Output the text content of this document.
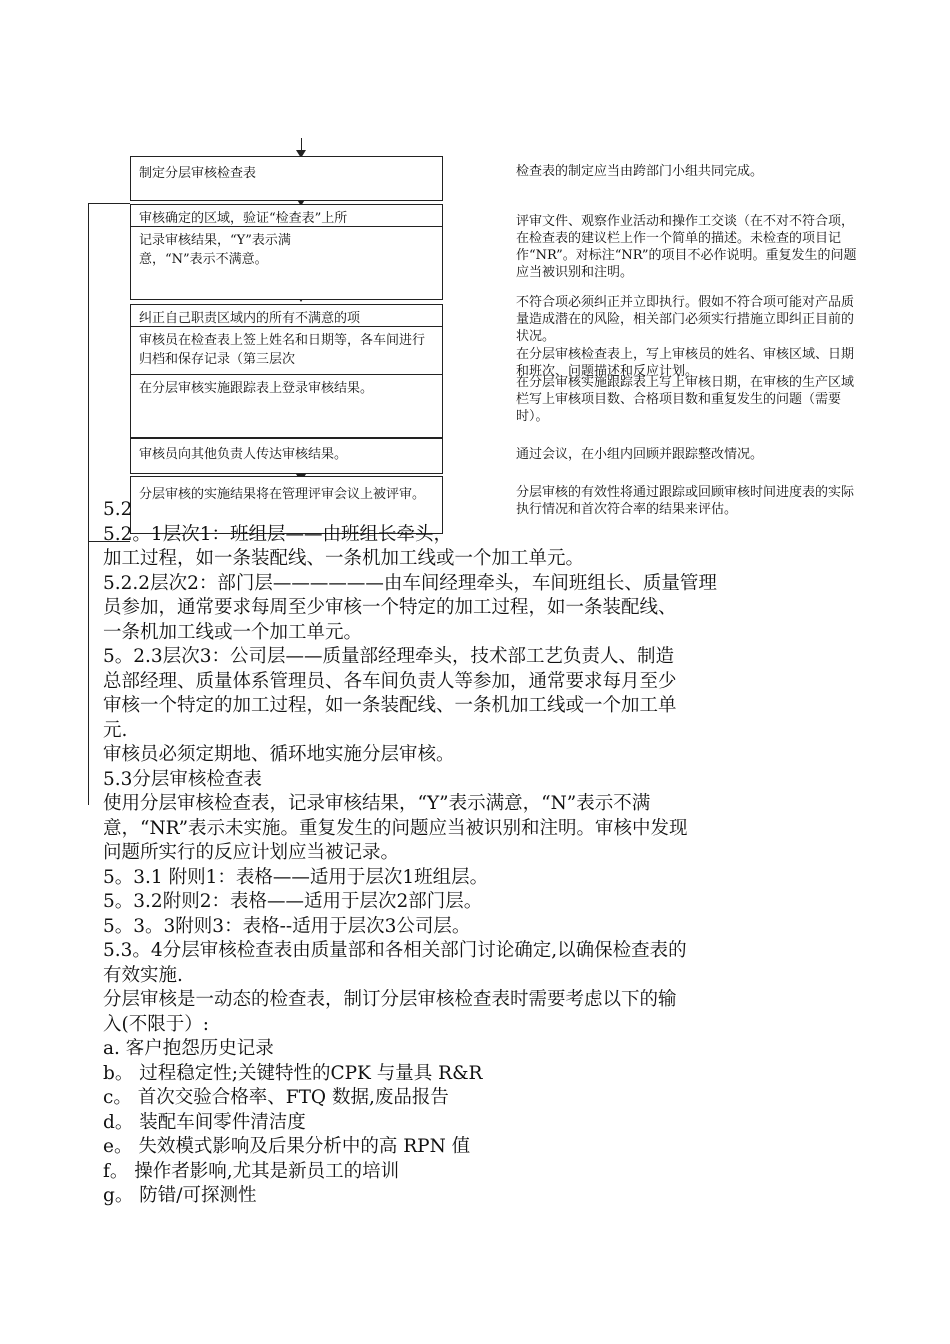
制定分层审核检查表
审核确定的区域，验证“检查表”上所
记录审核结果，“Y”表示满意，“N”表示不满意。
纠正自己职责区域内的所有不满意的项
审核员在检查表上签上姓名和日期等，各车间进行归档和保存记录（第三层次
在分层审核实施跟踪表上登录审核结果。
审核员向其他负责人传达审核结果。
分层审核的实施结果将在管理评审会议上被评审。
检查表的制定应当由跨部门小组共同完成。
评审文件、观察作业活动和操作工交谈（在不对不符合项，在检查表的建议栏上作一个简单的描述。未检查的项目记作“NR”。对标注“NR”的项目不必作说明。重复发生的问题应当被识别和注明。
不符合项必须纠正并立即执行。假如不符合项可能对产品质量造成潜在的风险，相关部门必须实行措施立即纠正目前的状况。
在分层审核检查表上，写上审核员的姓名、审核区域、日期和班次、问题描述和反应计划。
在分层审核实施跟踪表上写上审核日期，在审核的生产区域栏写上审核项目数、合格项目数和重复发生的问题（需要时）。
通过会议，在小组内回顾并跟踪整改情况。
分层审核的有效性将通过跟踪或回顾审核时间进度表的实际执行情况和首次符合率的结果来评估。

5.2

5.2。1层次1：班组层——由班组长牵头，

加工过程，如一条装配线、一条机加工线或一个加工单元。

5.2.2层次2：部门层——————由车间经理牵头，车间班组长、质量管理

员参加，通常要求每周至少审核一个特定的加工过程，如一条装配线、

一条机加工线或一个加工单元。

5。2.3层次3：公司层——质量部经理牵头，技术部工艺负责人、制造

总部经理、质量体系管理员、各车间负责人等参加，通常要求每月至少

审核一个特定的加工过程，如一条装配线、一条机加工线或一个加工单

元.

审核员必须定期地、循环地实施分层审核。

5.3分层审核检查表

使用分层审核检查表，记录审核结果，“Y”表示满意，“N”表示不满

意，“NR”表示未实施。重复发生的问题应当被识别和注明。审核中发现

问题所实行的反应计划应当被记录。

5。3.1 附则1：表格——适用于层次1班组层。

5。3.2附则2：表格——适用于层次2部门层。

5。3。3附则3：表格--适用于层次3公司层。

5.3。4分层审核检查表由质量部和各相关部门讨论确定,以确保检查表的

有效实施.

分层审核是一动态的检查表，制订分层审核检查表时需要考虑以下的输

入(不限于）:

a. 客户抱怨历史记录

b。 过程稳定性;关键特性的CPK 与量具 R&R

c。 首次交验合格率、FTQ 数据,废品报告

d。 装配车间零件清洁度

e。 失效模式影响及后果分析中的高 RPN 值

f。 操作者影响,尤其是新员工的培训

g。 防错/可探测性
